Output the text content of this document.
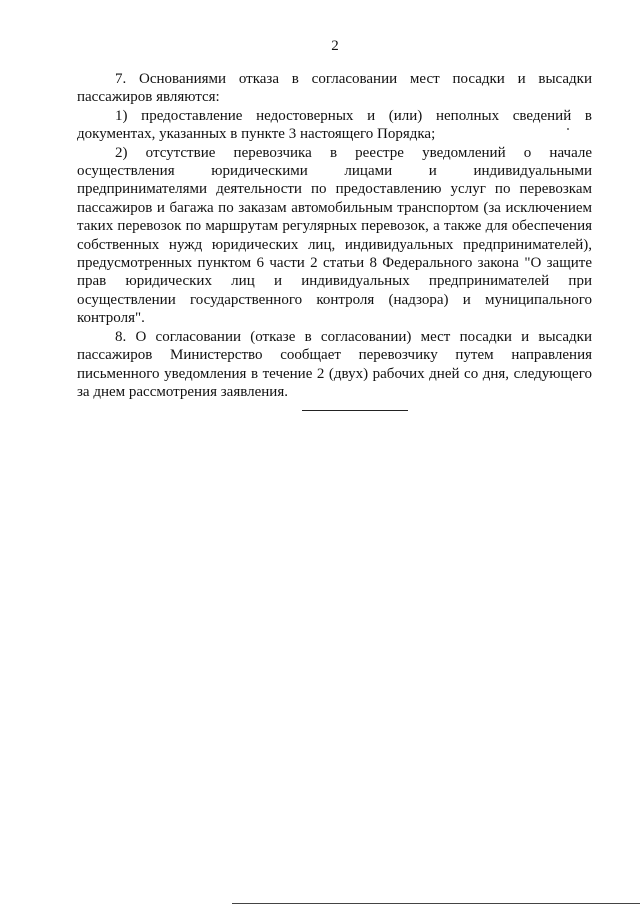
2

7. Основаниями отказа в согласовании мест посадки и высадки пассажиров являются:

1) предоставление недостоверных и (или) неполных сведений в документах, указанных в пункте 3 настоящего Порядка;

2) отсутствие перевозчика в реестре уведомлений о начале осуществления юридическими лицами и индивидуальными предпринимателями деятельности по предоставлению услуг по перевозкам пассажиров и багажа по заказам автомобильным транспортом (за исключением таких перевозок по маршрутам регулярных перевозок, а также для обеспечения собственных нужд юридических лиц, индивидуальных предпринимателей), предусмотренных пунктом 6 части 2 статьи 8 Федерального закона "О защите прав юридических лиц и индивидуальных предпринимателей при осуществлении государственного контроля (надзора) и муниципального контроля".

8. О согласовании (отказе в согласовании) мест посадки и высадки пассажиров Министерство сообщает перевозчику путем направления письменного уведомления в течение 2 (двух) рабочих дней со дня, следующего за днем рассмотрения заявления.
